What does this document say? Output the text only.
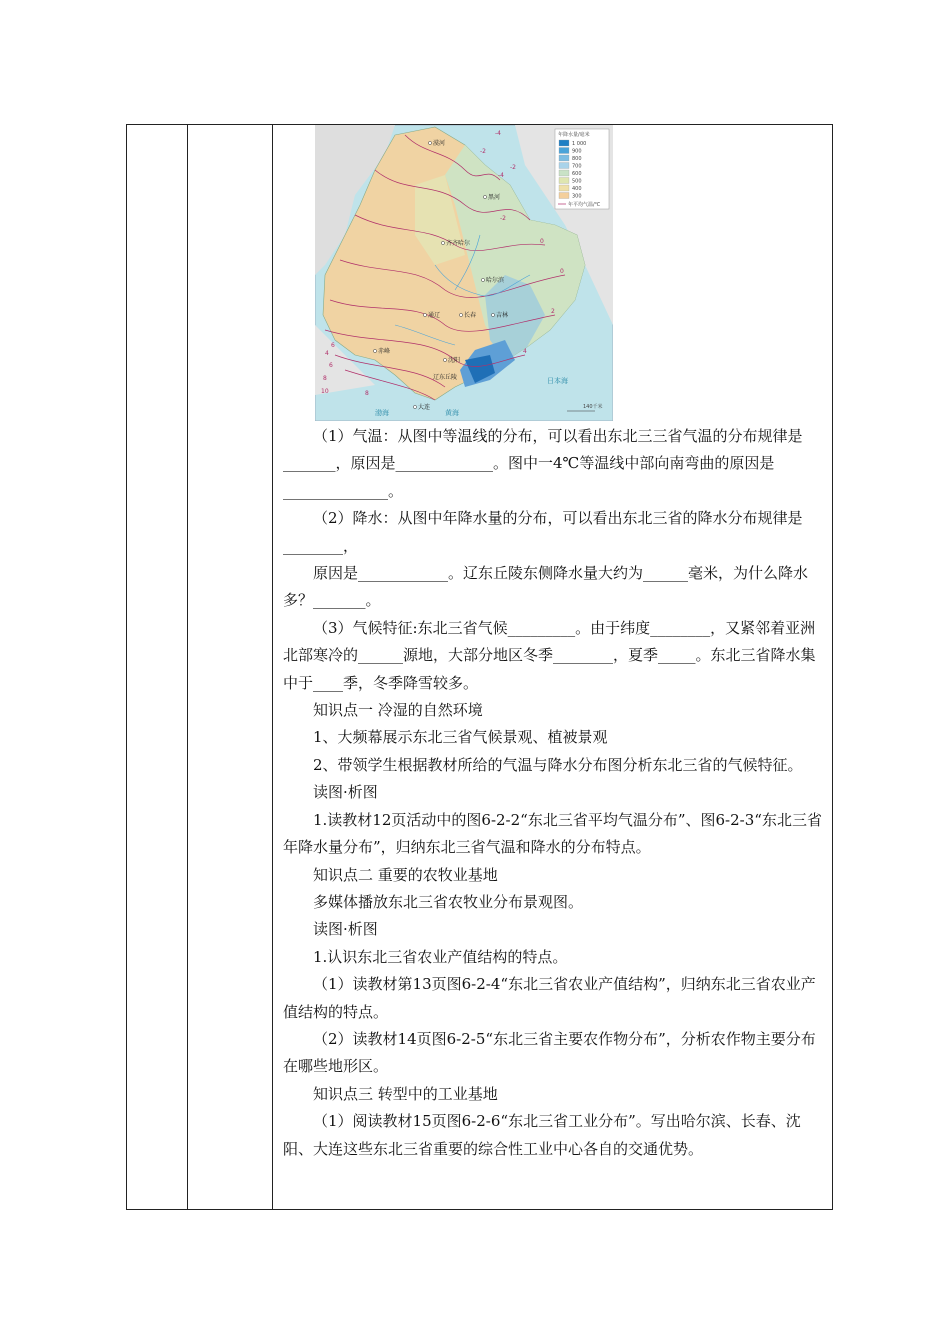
年降水量/毫米
1 000
900
800
700
600
500
400
300
年平均气温/℃
漠河
黑河
齐齐哈尔
哈尔滨
长春	吉林
通辽
赤峰
沈阳
大连
辽东丘陵	日本海
渤海	黄海
-4
-2
-2
0
0
2
4
6
8
10
4
6
8
-4
-2
140千米

（1）气温：从图中等温线的分布，可以看出东北三三省气温的分布规律是_______，原因是_____________。图中一4℃等温线中部向南弯曲的原因是______________。

（2）降水：从图中年降水量的分布，可以看出东北三省的降水分布规律是________，

原因是____________。辽东丘陵东侧降水量大约为______毫米，为什么降水多？_______。

（3）气候特征:东北三省气候_________。由于纬度________，又紧邻着亚洲北部寒冷的______源地，大部分地区冬季________，夏季_____。东北三省降水集中于____季，冬季降雪较多。

知识点一 冷湿的自然环境

1、大频幕展示东北三省气候景观、植被景观

2、带领学生根据教材所给的气温与降水分布图分析东北三省的气候特征。

读图·析图

1.读教材12页活动中的图6-2-2“东北三省平均气温分布”、图6-2-3“东北三省年降水量分布”，归纳东北三省气温和降水的分布特点。

知识点二 重要的农牧业基地

多媒体播放东北三省农牧业分布景观图。

读图·析图

1.认识东北三省农业产值结构的特点。

（1）读教材第13页图6-2-4“东北三省农业产值结构”，归纳东北三省农业产值结构的特点。

（2）读教材14页图6-2-5“东北三省主要农作物分布”，分析农作物主要分布在哪些地形区。

知识点三 转型中的工业基地

（1）阅读教材15页图6-2-6“东北三省工业分布”。写出哈尔滨、长春、沈阳、大连这些东北三省重要的综合性工业中心各自的交通优势。
